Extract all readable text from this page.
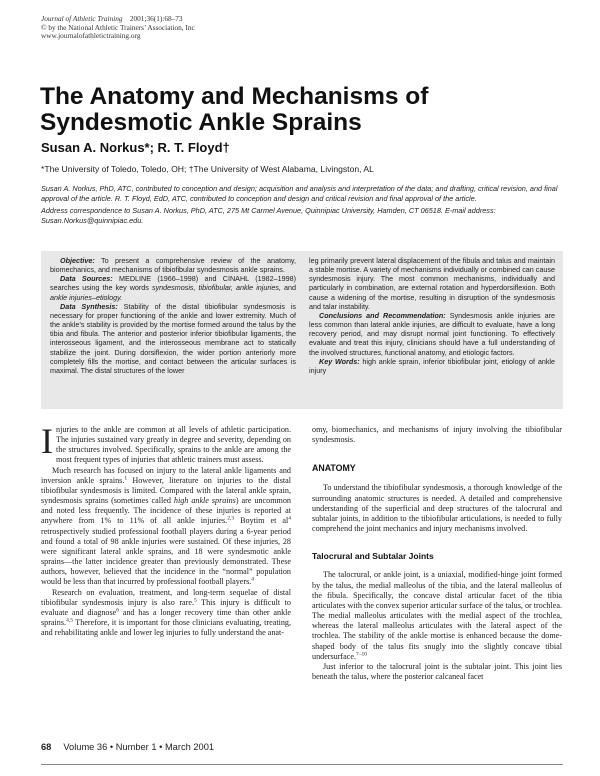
Journal of Athletic Training 2001;36(1):68–73
© by the National Athletic Trainers’ Association, Inc
www.journalofathletictraining.org
The Anatomy and Mechanisms of
Syndesmotic Ankle Sprains
Susan A. Norkus*; R. T. Floyd†
*The University of Toledo, Toledo, OH; †The University of West Alabama, Livingston, AL

Susan A. Norkus, PhD, ATC, contributed to conception and design; acquisition and analysis and interpretation of the data; and drafting, critical revision, and final approval of the article. R. T. Floyd, EdD, ATC, contributed to conception and design and critical revision and final approval of the article.

Address correspondence to Susan A. Norkus, PhD, ATC, 275 Mt Carmel Avenue, Quinnipiac University, Hamden, CT 06518. E-mail address: Susan.Norkus@quinnipiac.edu.

Objective: To present a comprehensive review of the anatomy, biomechanics, and mechanisms of tibiofibular syndesmosis ankle sprains.

Data Sources: MEDLINE (1966–1998) and CINAHL (1982–1998) searches using the key words syndesmosis, tibiofibular, ankle injuries, and ankle injuries–etiology.

Data Synthesis: Stability of the distal tibiofibular syndesmosis is necessary for proper functioning of the ankle and lower extremity. Much of the ankle’s stability is provided by the mortise formed around the talus by the tibia and fibula. The anterior and posterior inferior tibiofibular ligaments, the interosseous ligament, and the interosseous membrane act to statically stabilize the joint. During dorsiflexion, the wider portion anteriorly more completely fills the mortise, and contact between the articular surfaces is maximal. The distal structures of the lower

leg primarily prevent lateral displacement of the fibula and talus and maintain a stable mortise. A variety of mechanisms individually or combined can cause syndesmosis injury. The most common mechanisms, individually and particularly in combination, are external rotation and hyperdorsiflexion. Both cause a widening of the mortise, resulting in disruption of the syndesmosis and talar instability.

Conclusions and Recommendation: Syndesmosis ankle injuries are less common than lateral ankle injuries, are difficult to evaluate, have a long recovery period, and may disrupt normal joint functioning. To effectively evaluate and treat this injury, clinicians should have a full understanding of the involved structures, functional anatomy, and etiologic factors.

Key Words: high ankle sprain, inferior tibiofibular joint, etiology of ankle injury

Injuries to the ankle are common at all levels of athletic participation. The injuries sustained vary greatly in degree and severity, depending on the structures involved. Specifically, sprains to the ankle are among the most frequent types of injuries that athletic trainers must assess.

Much research has focused on injury to the lateral ankle ligaments and inversion ankle sprains.$^1$ However, literature on injuries to the distal tibiofibular syndesmosis is limited. Compared with the lateral ankle sprain, syndesmosis sprains (sometimes called high ankle sprains) are uncommon and noted less frequently. The incidence of these injuries is reported at anywhere from 1% to 11% of all ankle injuries.$^{2,3}$ Boytim et $al^4$ retrospectively studied professional football players during a 6-year period and found a total of 98 ankle injuries were sustained. Of these injuries, 28 were significant lateral ankle sprains, and 18 were syndesmotic ankle sprains—the latter incidence greater than previously demonstrated. These authors, however, believed that the incidence in the “normal” population would be less than that incurred by professional football players.$^4$

Research on evaluation, treatment, and long-term sequelae of distal tibiofibular syndesmosis injury is also rare.$^5$ This injury is difficult to evaluate and diagnose$^6$ and has a longer recovery time than other ankle sprains.$^{4,5}$ Therefore, it is important for those clinicians evaluating, treating, and rehabilitating ankle and lower leg injuries to fully understand the anat-

omy, biomechanics, and mechanisms of injury involving the tibiofibular syndesmosis.

ANATOMY

To understand the tibiofibular syndesmosis, a thorough knowledge of the surrounding anatomic structures is needed. A detailed and comprehensive understanding of the superficial and deep structures of the talocrural and subtalar joints, in addition to the tibiofibular articulations, is needed to fully comprehend the joint mechanics and injury mechanisms involved.

Talocrural and Subtalar Joints

The talocrural, or ankle joint, is a uniaxial, modified-hinge joint formed by the talus, the medial malleolus of the tibia, and the lateral malleolus of the fibula. Specifically, the concave distal articular facet of the tibia articulates with the convex superior articular surface of the talus, or trochlea. The medial malleolus articulates with the medial aspect of the trochlea, whereas the lateral malleolus articulates with the lateral aspect of the trochlea. The stability of the ankle mortise is enhanced because the dome-shaped body of the talus fits snugly into the slightly concave tibial undersurface.$^{7-10}$

Just inferior to the talocrural joint is the subtalar joint. This joint lies beneath the talus, where the posterior calcaneal facet

68 Volume 36 • Number 1 • March 2001
